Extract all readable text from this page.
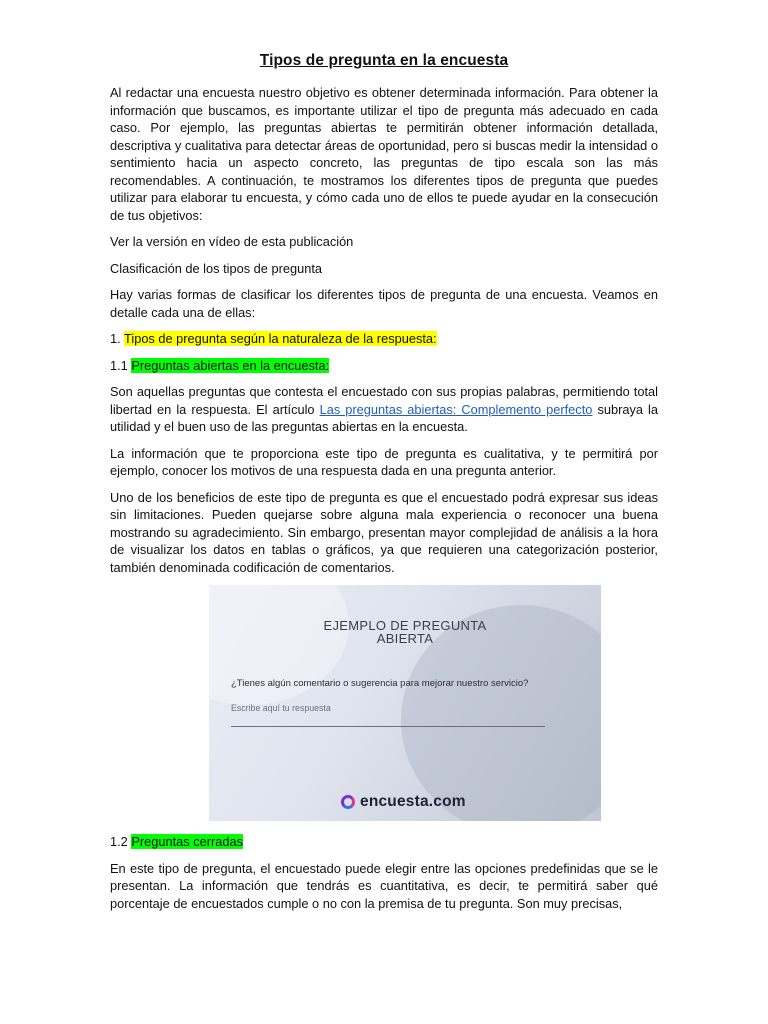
Tipos de pregunta en la encuesta

Al redactar una encuesta nuestro objetivo es obtener determinada información. Para obtener la información que buscamos, es importante utilizar el tipo de pregunta más adecuado en cada caso. Por ejemplo, las preguntas abiertas te permitirán obtener información detallada, descriptiva y cualitativa para detectar áreas de oportunidad, pero si buscas medir la intensidad o sentimiento hacia un aspecto concreto, las preguntas de tipo escala son las más recomendables. A continuación, te mostramos los diferentes tipos de pregunta que puedes utilizar para elaborar tu encuesta, y cómo cada uno de ellos te puede ayudar en la consecución de tus objetivos:

Ver la versión en vídeo de esta publicación

Clasificación de los tipos de pregunta

Hay varias formas de clasificar los diferentes tipos de pregunta de una encuesta. Veamos en detalle cada una de ellas:

1. Tipos de pregunta según la naturaleza de la respuesta:

1.1 Preguntas abiertas en la encuesta:

Son aquellas preguntas que contesta el encuestado con sus propias palabras, permitiendo total libertad en la respuesta. El artículo Las preguntas abiertas: Complemento perfecto subraya la utilidad y el buen uso de las preguntas abiertas en la encuesta.

La información que te proporciona este tipo de pregunta es cualitativa, y te permitirá por ejemplo, conocer los motivos de una respuesta dada en una pregunta anterior.

Uno de los beneficios de este tipo de pregunta es que el encuestado podrá expresar sus ideas sin limitaciones. Pueden quejarse sobre alguna mala experiencia o reconocer una buena mostrando su agradecimiento. Sin embargo, presentan mayor complejidad de análisis a la hora de visualizar los datos en tablas o gráficos, ya que requieren una categorización posterior, también denominada codificación de comentarios.

EJEMPLO DE PREGUNTA
ABIERTA
¿Tienes algún comentario o sugerencia para mejorar nuestro servicio?
Escribe aquí tu respuesta
encuesta.com

1.2 Preguntas cerradas

En este tipo de pregunta, el encuestado puede elegir entre las opciones predefinidas que se le presentan. La información que tendrás es cuantitativa, es decir, te permitirá saber qué porcentaje de encuestados cumple o no con la premisa de tu pregunta. Son muy precisas,
